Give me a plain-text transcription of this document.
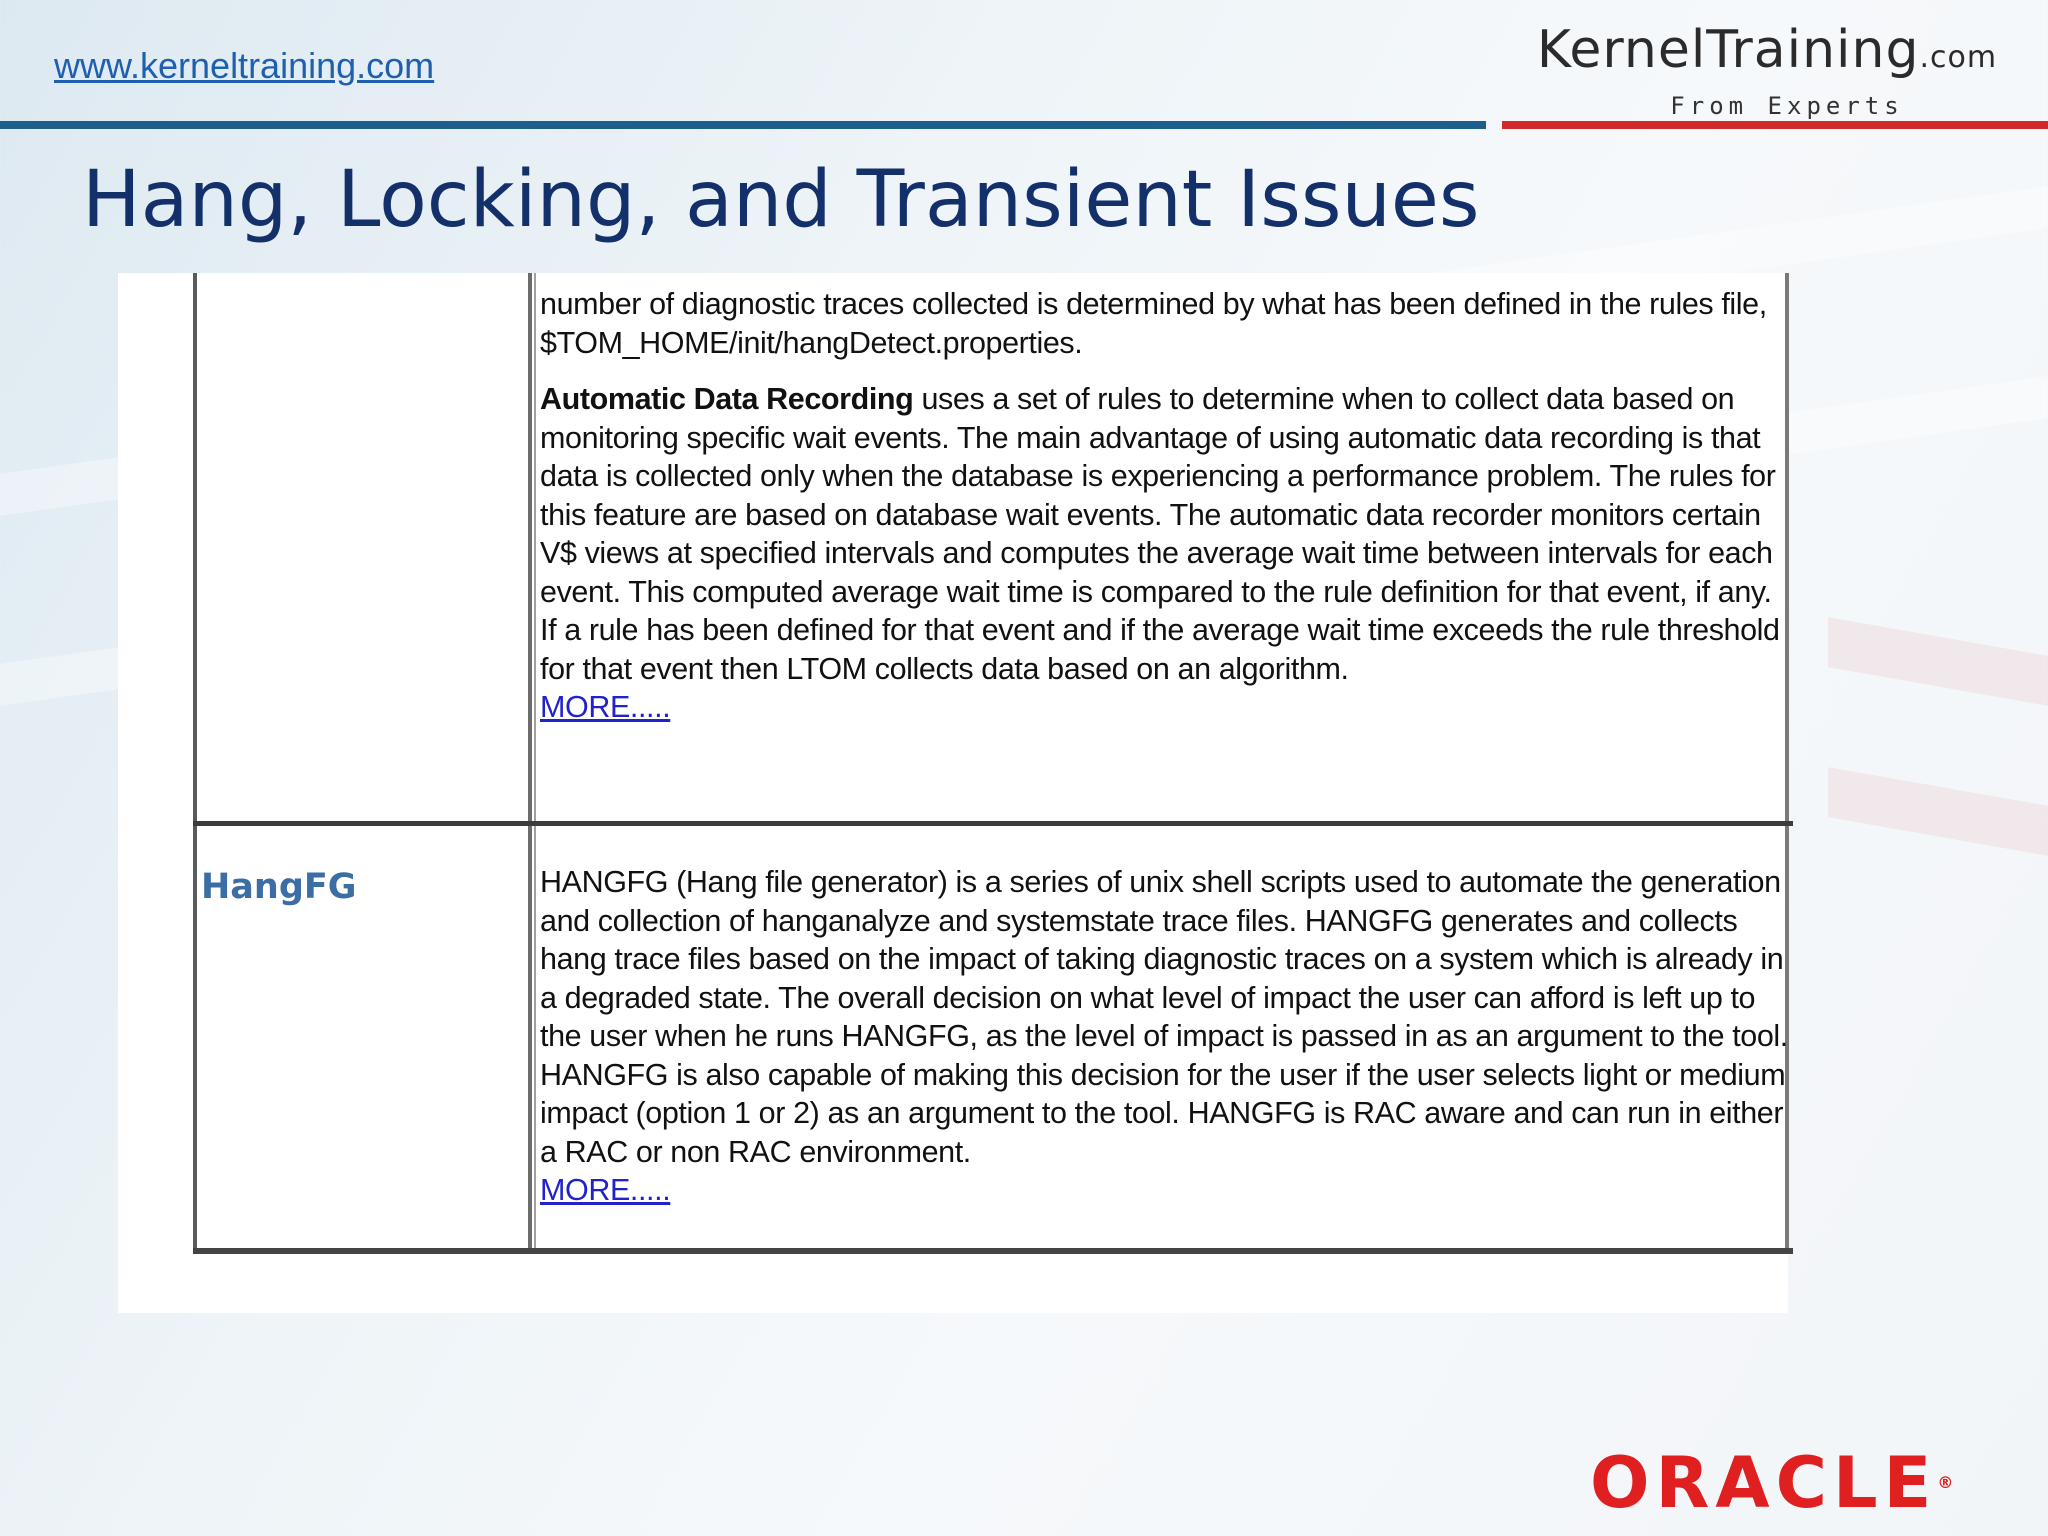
www.kerneltraining.com	KernelTraining.com
From Experts
Hang, Locking, and Transient Issues

number of diagnostic traces collected is determined by what has been defined in the rules file, $TOM_HOME/init/hangDetect.properties.

Automatic Data Recording uses a set of rules to determine when to collect data based on monitoring specific wait events. The main advantage of using automatic data recording is that data is collected only when the database is experiencing a performance problem. The rules for this feature are based on database wait events. The automatic data recorder monitors certain V$ views at specified intervals and computes the average wait time between intervals for each event. This computed average wait time is compared to the rule definition for that event, if any. If a rule has been defined for that event and if the average wait time exceeds the rule threshold for that event then LTOM collects data based on an algorithm.

MORE.....
HangFG	HANGFG (Hang file generator) is a series of unix shell scripts used to automate the generation and collection of hanganalyze and systemstate trace files. HANGFG generates and collects hang trace files based on the impact of taking diagnostic traces on a system which is already in a degraded state. The overall decision on what level of impact the user can afford is left up to the user when he runs HANGFG, as the level of impact is passed in as an argument to the tool. HANGFG is also capable of making this decision for the user if the user selects light or medium impact (option 1 or 2) as an argument to the tool. HANGFG is RAC aware and can run in either a RAC or non RAC environment.

MORE.....
ORACLE®
